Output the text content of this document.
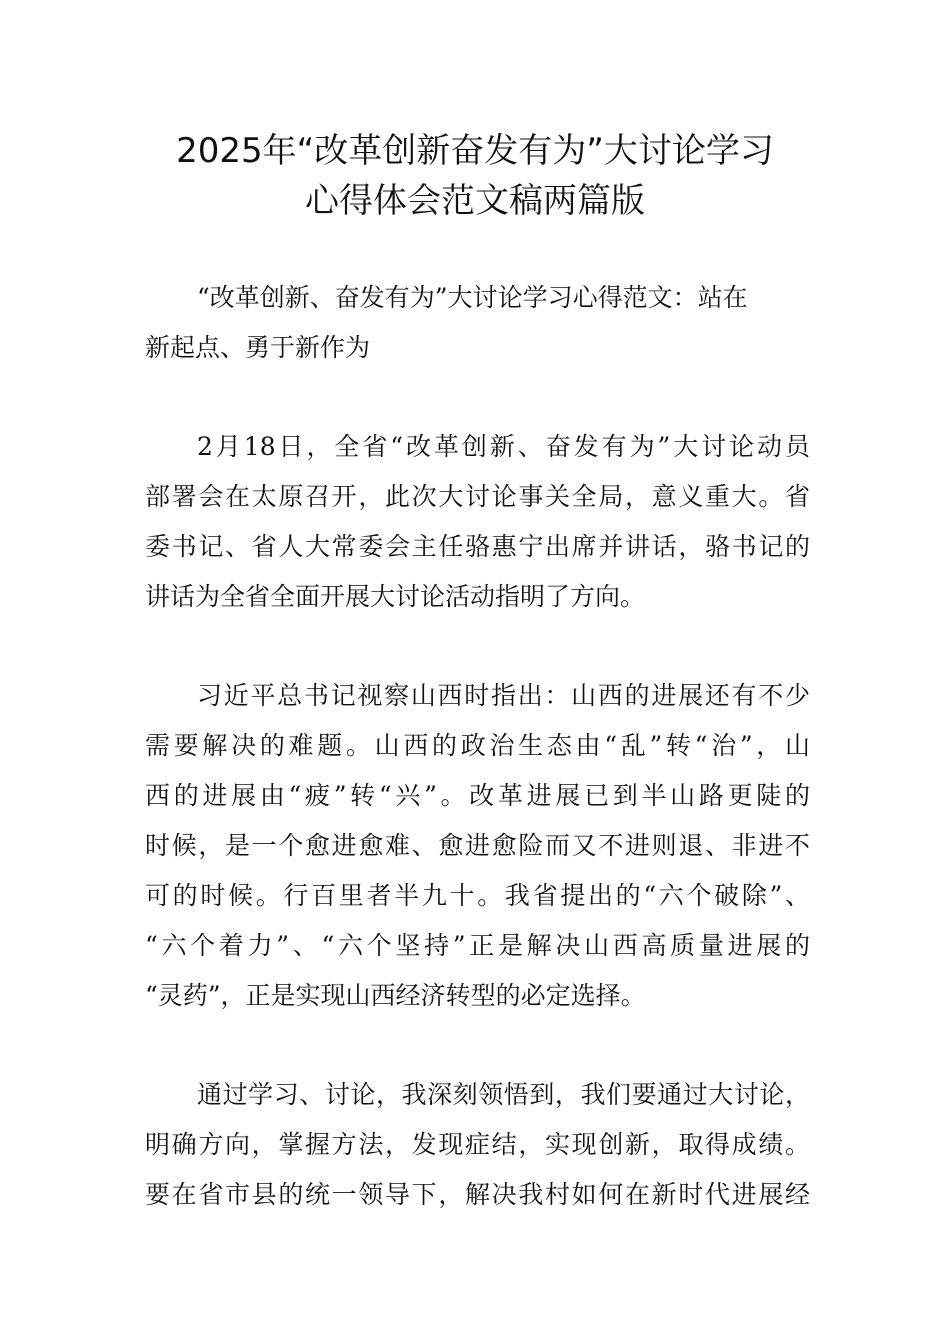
2025年“改革创新奋发有为”大讨论学习
心得体会范文稿两篇版
“改革创新、奋发有为”大讨论学习心得范文：站在
新起点、勇于新作为
2月18日，全省“改革创新、奋发有为”大讨论动员
部署会在太原召开，此次大讨论事关全局，意义重大。省
委书记、省人大常委会主任骆惠宁出席并讲话，骆书记的
讲话为全省全面开展大讨论活动指明了方向。
习近平总书记视察山西时指出：山西的进展还有不少
需要解决的难题。山西的政治生态由“乱”转“治”，山
西的进展由“疲”转“兴”。改革进展已到半山路更陡的
时候，是一个愈进愈难、愈进愈险而又不进则退、非进不
可的时候。行百里者半九十。我省提出的“六个破除”、
“六个着力”、“六个坚持”正是解决山西高质量进展的
“灵药”，正是实现山西经济转型的必定选择。
通过学习、讨论，我深刻领悟到，我们要通过大讨论，
明确方向，掌握方法，发现症结，实现创新，取得成绩。
要在省市县的统一领导下，解决我村如何在新时代进展经
